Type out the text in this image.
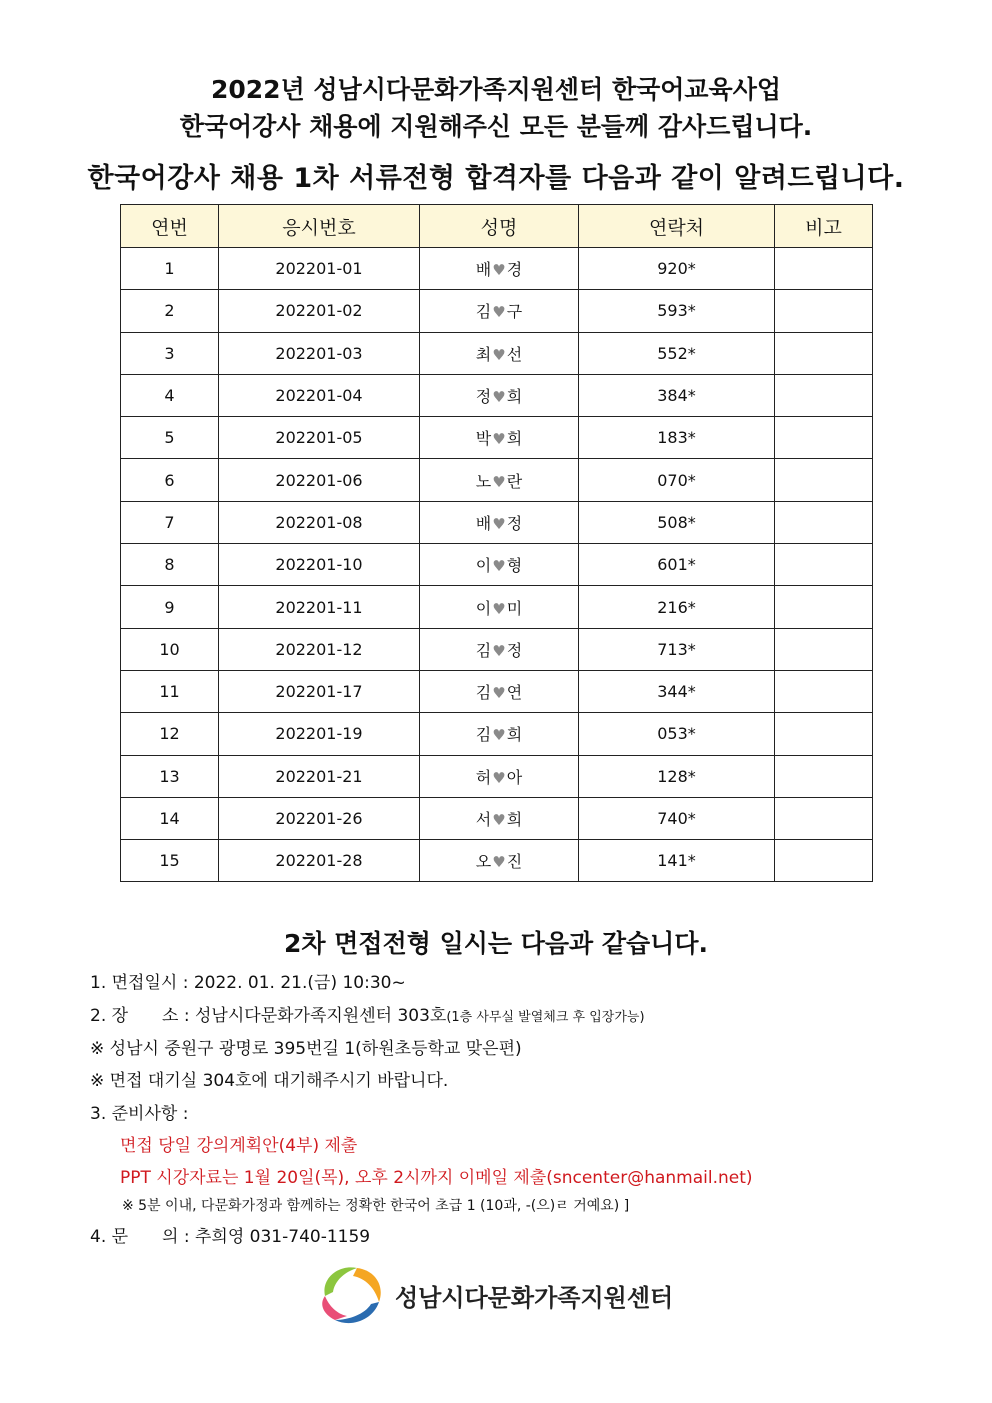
2022년 성남시다문화가족지원센터 한국어교육사업
한국어강사 채용에 지원해주신 모든 분들께 감사드립니다.
한국어강사 채용 1차 서류전형 합격자를 다음과 같이 알려드립니다.
연번	응시번호	성명	연락처	비고
1	202201-01	배♥경	920*	
2	202201-02	김♥구	593*	
3	202201-03	최♥선	552*	
4	202201-04	정♥희	384*	
5	202201-05	박♥희	183*	
6	202201-06	노♥란	070*	
7	202201-08	배♥정	508*	
8	202201-10	이♥형	601*	
9	202201-11	이♥미	216*	
10	202201-12	김♥정	713*	
11	202201-17	김♥연	344*	
12	202201-19	김♥희	053*	
13	202201-21	허♥아	128*	
14	202201-26	서♥희	740*	
15	202201-28	오♥진	141*	
2차 면접전형 일시는 다음과 같습니다.
1. 면접일시 : 2022. 01. 21.(금) 10:30~
2. 장　　소 : 성남시다문화가족지원센터 303호(1층 사무실 발열체크 후 입장가능)
※ 성남시 중원구 광명로 395번길 1(하원초등학교 맞은편)
※ 면접 대기실 304호에 대기해주시기 바랍니다.
3. 준비사항 :
면접 당일 강의계획안(4부) 제출
PPT 시강자료는 1월 20일(목), 오후 2시까지 이메일 제출(sncenter@hanmail.net)
※ 5분 이내, 다문화가정과 함께하는 정확한 한국어 초급 1 (10과, -(으)ㄹ 거예요) ]
4. 문　　의 : 추희영 031-740-1159
성남시다문화가족지원센터
